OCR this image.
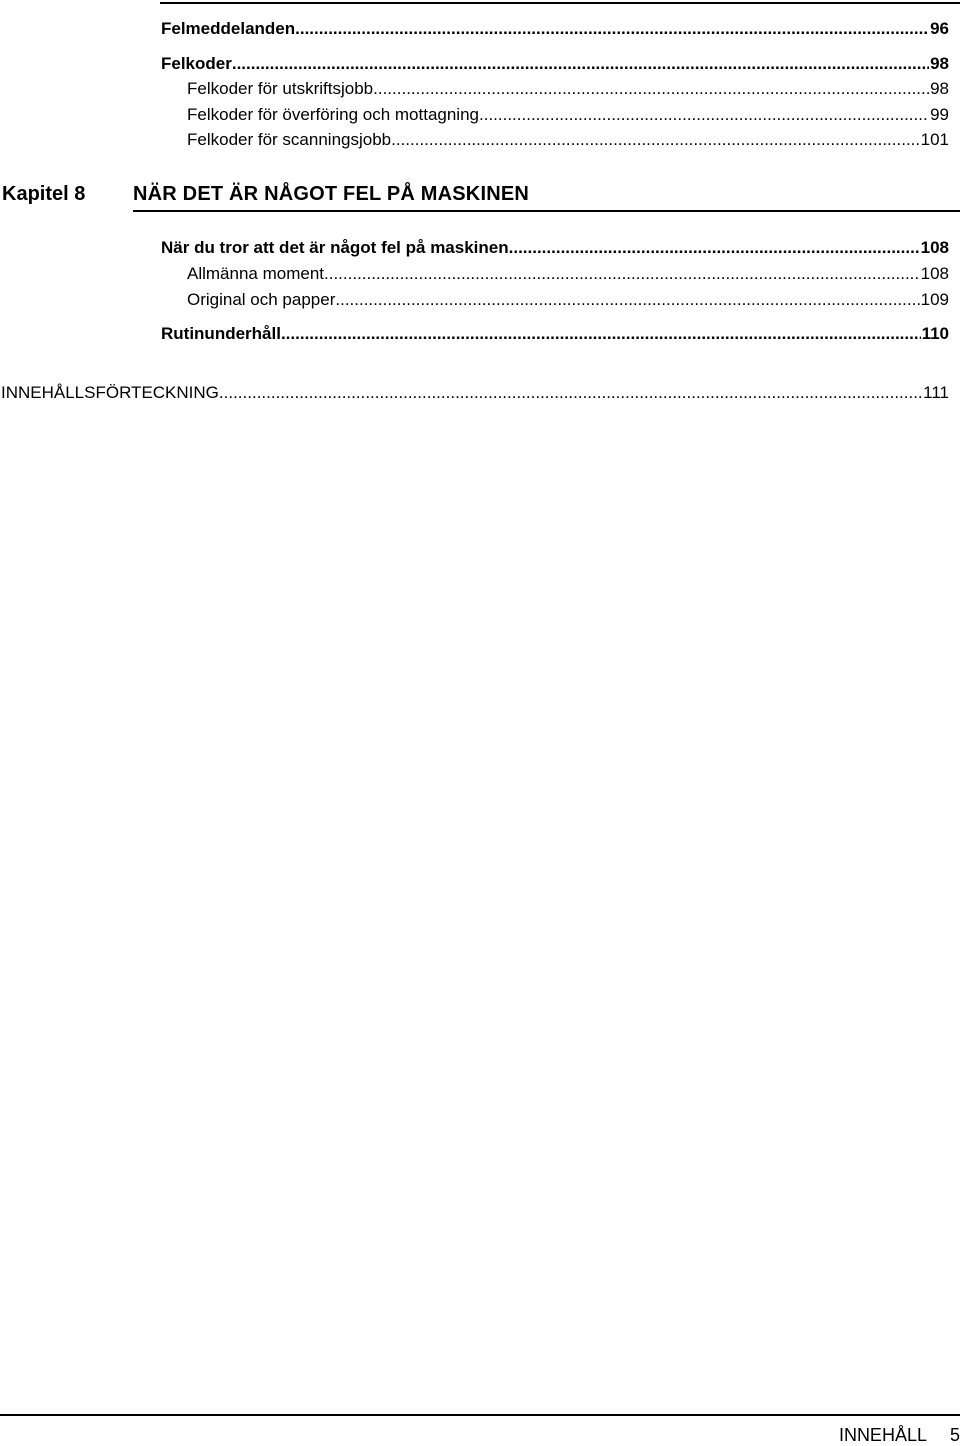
Felmeddelanden .....	96
Felkoder .....	98
Felkoder för utskriftsjobb .....	98
Felkoder för överföring och mottagning .....	99
Felkoder för scanningsjobb .....	101
Kapitel 8 NÄR DET ÄR NÅGOT FEL PÅ MASKINEN
När du tror att det är något fel på maskinen .....	108
Allmänna moment .....	108
Original och papper .....	109
Rutinunderhåll .....	110
INNEHÅLLSFÖRTECKNING .....	111
INNEHÅLL 5
